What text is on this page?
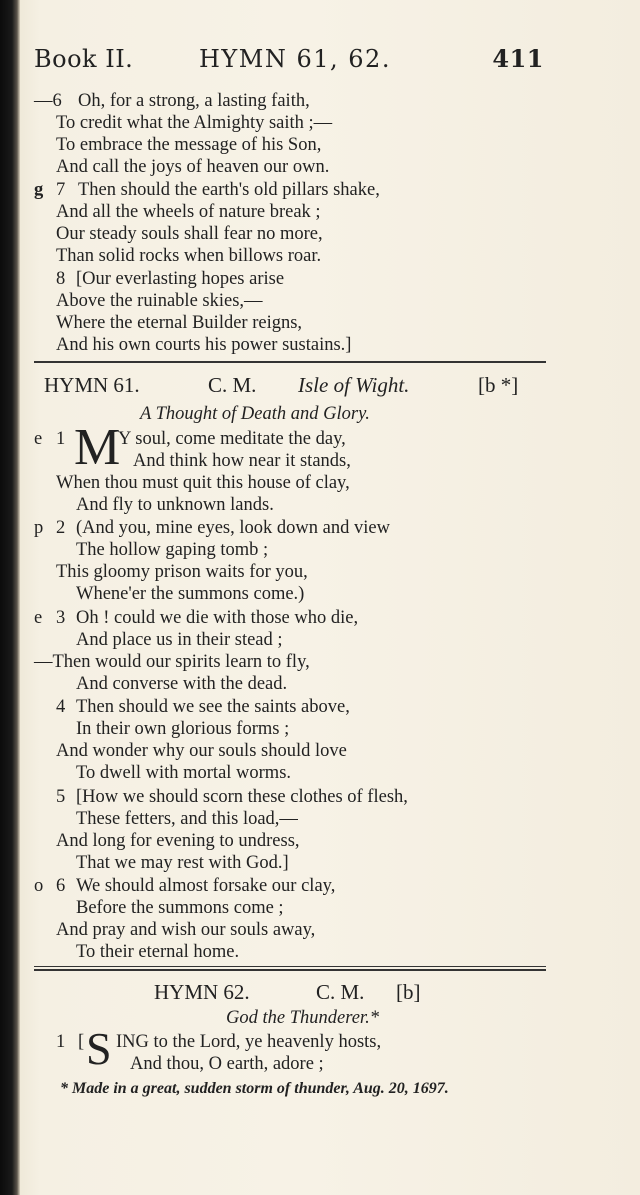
Book II.	HYMN 61, 62.	411
—6 Oh, for a strong, a lasting faith,
To credit what the Almighty saith ;—
To embrace the message of his Son,
And call the joys of heaven our own.
g 7 Then should the earth's old pillars shake,
And all the wheels of nature break ;
Our steady souls shall fear no more,
Than solid rocks when billows roar.
8 [Our everlasting hopes arise
Above the ruinable skies,—
Where the eternal Builder reigns,
And his own courts his power sustains.]
HYMN 61.	C. M. Isle of Wight.	[b *]
A Thought of Death and Glory.
e 1 M
Y soul, come meditate the day,
And think how near it stands,
When thou must quit this house of clay,
And fly to unknown lands.
p 2 (And you, mine eyes, look down and view
The hollow gaping tomb ;
This gloomy prison waits for you,
Whene'er the summons come.)
e 3 Oh ! could we die with those who die,
And place us in their stead ;
—Then would our spirits learn to fly,
And converse with the dead.
4 Then should we see the saints above,
In their own glorious forms ;
And wonder why our souls should love
To dwell with mortal worms.
5 [How we should scorn these clothes of flesh,
These fetters, and this load,—
And long for evening to undress,
That we may rest with God.]
o 6 We should almost forsake our clay,
Before the summons come ;
And pray and wish our souls away,
To their eternal home.
HYMN 62.	C. M. [b]
God the Thunderer.*
1 [ S ING to the Lord, ye heavenly hosts,
And thou, O earth, adore ;
* Made in a great, sudden storm of thunder, Aug. 20, 1697.
